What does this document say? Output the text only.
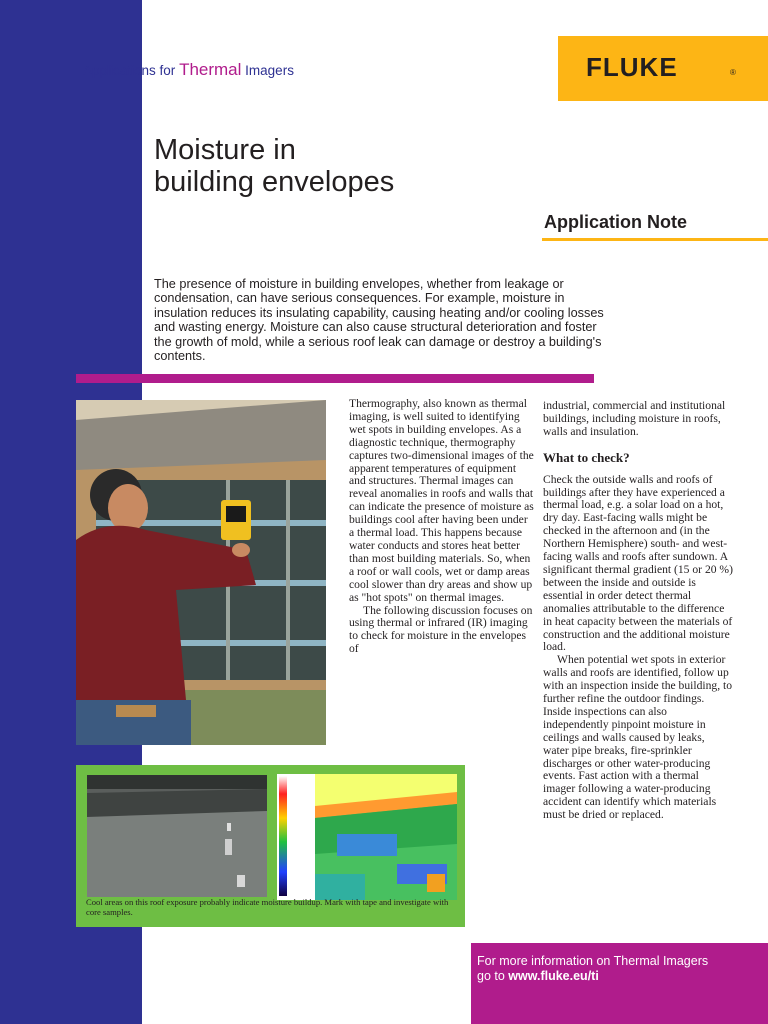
Applications for Thermal Imagers	FLUKE	®
Moisture in
building envelopes
Application Note

The presence of moisture in building envelopes, whether from leakage or condensation, can have serious consequences. For example, moisture in insulation reduces its insulating capability, causing heating and/or cooling losses and wasting energy. Moisture can also cause structural deterioration and foster the growth of mold, while a serious roof leak can damage or destroy a building's contents.

Thermography, also known as thermal imaging, is well suited to identifying wet spots in building envelopes. As a diagnostic technique, thermography captures two-dimensional images of the apparent temperatures of equipment and structures. Thermal images can reveal anomalies in roofs and walls that can indicate the presence of moisture as buildings cool after having been under a thermal load. This happens because water conducts and stores heat better than most building materials. So, when a roof or wall cools, wet or damp areas cool slower than dry areas and show up as "hot spots" on thermal images.

The following discussion focuses on using thermal or infrared (IR) imaging to check for moisture in the envelopes of

industrial, commercial and institutional buildings, including moisture in roofs, walls and insulation.

What to check?

Check the outside walls and roofs of buildings after they have experienced a thermal load, e.g. a solar load on a hot, dry day. East-facing walls might be checked in the afternoon and (in the Northern Hemisphere) south- and west-facing walls and roofs after sundown. A significant thermal gradient (15 or 20 %) between the inside and outside is essential in order detect thermal anomalies attributable to the difference in heat capacity between the materials of construction and the additional moisture load.

When potential wet spots in exterior walls and roofs are identified, follow up with an inspection inside the building, to further refine the outdoor findings. Inside inspections can also independently pinpoint moisture in ceilings and walls caused by leaks, water pipe breaks, fire-sprinkler discharges or other water-producing events. Fast action with a thermal imager following a water-producing accident can identify which materials must be dried or replaced.

Cool areas on this roof exposure probably indicate moisture buildup. Mark with tape and investigate with core samples.
For more information on Thermal Imagers
go to www.fluke.eu/ti
